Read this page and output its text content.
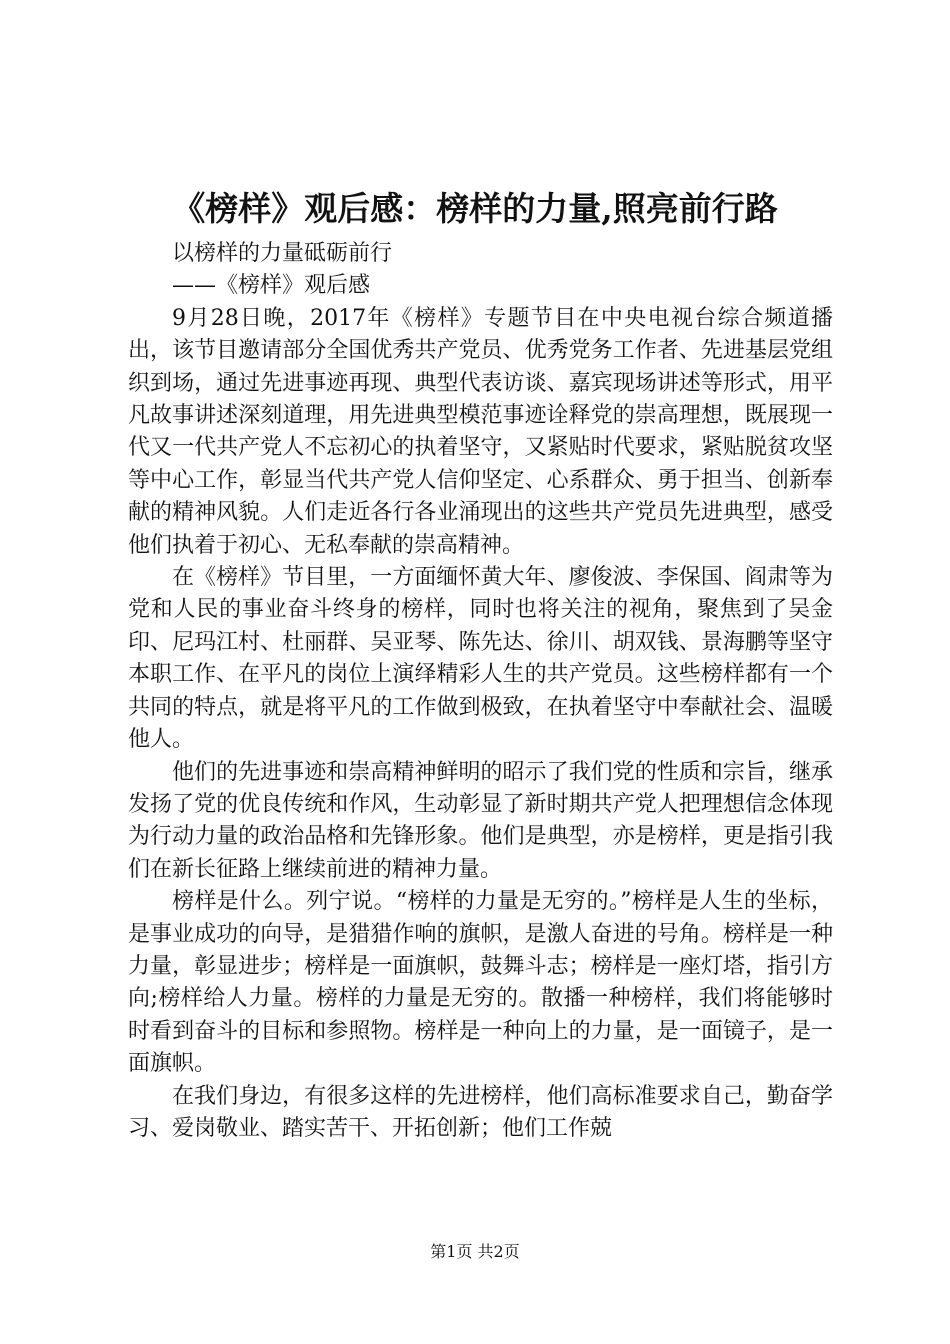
《榜样》观后感：榜样的力量,照亮前行路

以榜样的力量砥砺前行

——《榜样》观后感

9月28日晚，2017年《榜样》专题节目在中央电视台综合频道播出，该节目邀请部分全国优秀共产党员、优秀党务工作者、先进基层党组织到场，通过先进事迹再现、典型代表访谈、嘉宾现场讲述等形式，用平凡故事讲述深刻道理，用先进典型模范事迹诠释党的崇高理想，既展现一代又一代共产党人不忘初心的执着坚守，又紧贴时代要求，紧贴脱贫攻坚等中心工作，彰显当代共产党人信仰坚定、心系群众、勇于担当、创新奉献的精神风貌。人们走近各行各业涌现出的这些共产党员先进典型，感受他们执着于初心、无私奉献的崇高精神。

在《榜样》节目里，一方面缅怀黄大年、廖俊波、李保国、阎肃等为党和人民的事业奋斗终身的榜样，同时也将关注的视角，聚焦到了吴金印、尼玛江村、杜丽群、吴亚琴、陈先达、徐川、胡双钱、景海鹏等坚守本职工作、在平凡的岗位上演绎精彩人生的共产党员。这些榜样都有一个共同的特点，就是将平凡的工作做到极致，在执着坚守中奉献社会、温暖他人。

他们的先进事迹和崇高精神鲜明的昭示了我们党的性质和宗旨，继承发扬了党的优良传统和作风，生动彰显了新时期共产党人把理想信念体现为行动力量的政治品格和先锋形象。他们是典型，亦是榜样，更是指引我们在新长征路上继续前进的精神力量。

榜样是什么。列宁说。“榜样的力量是无穷的。”榜样是人生的坐标，是事业成功的向导，是猎猎作响的旗帜，是激人奋进的号角。榜样是一种力量，彰显进步；榜样是一面旗帜，鼓舞斗志；榜样是一座灯塔，指引方向;榜样给人力量。榜样的力量是无穷的。散播一种榜样，我们将能够时时看到奋斗的目标和参照物。榜样是一种向上的力量，是一面镜子，是一面旗帜。

在我们身边，有很多这样的先进榜样，他们高标准要求自己，勤奋学习、爱岗敬业、踏实苦干、开拓创新；他们工作兢

第1页 共2页
